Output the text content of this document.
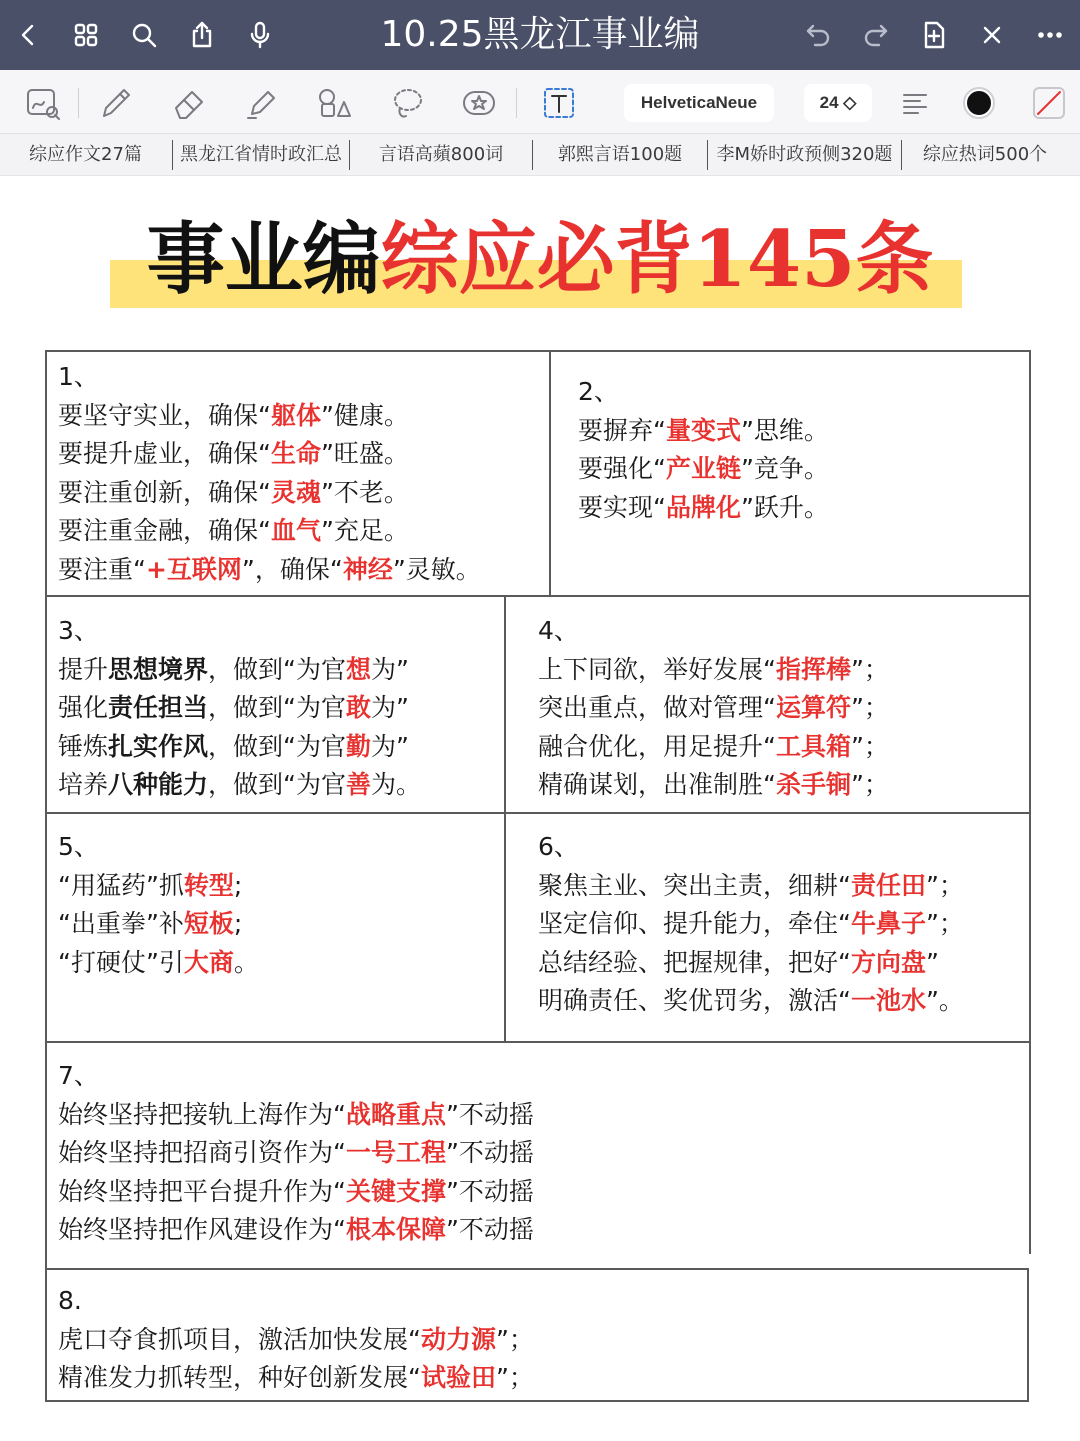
10.25黑龙江事业编
HelveticaNeue	24 ◇
综应作文27篇	黑龙江省情时政汇总	言语高蘋800词	郭熙言语100题	李M娇时政预侧320题	综应热词500个
事业编综应必背145条
1、
要坚守实业，确保“躯体”健康。
要提升虚业，确保“生命”旺盛。
要注重创新，确保“灵魂”不老。
要注重金融，确保“血气”充足。
要注重“+互联网”，确保“神经”灵敏。
2、
要摒弃“量变式”思维。
要强化“产业链”竞争。
要实现“品牌化”跃升。
3、
提升思想境界，做到“为官想为”
强化责任担当，做到“为官敢为”
锤炼扎实作风，做到“为官勤为”
培养八种能力，做到“为官善为。
4、
上下同欲，举好发展“指挥棒”；
突出重点，做对管理“运算符”；
融合优化，用足提升“工具箱”；
精确谋划，出准制胜“杀手锏”；
5、
“用猛药”抓转型;
“出重拳”补短板;
“打硬仗”引大商。
6、
聚焦主业、突出主责，细耕“责任田”；
坚定信仰、提升能力，牵住“牛鼻子”；
总结经验、把握规律，把好“方向盘”
明确责任、奖优罚劣，激活“一池水”。
7、
始终坚持把接轨上海作为“战略重点”不动摇
始终坚持把招商引资作为“一号工程”不动摇
始终坚持把平台提升作为“关键支撑”不动摇
始终坚持把作风建设作为“根本保障”不动摇
8.
虎口夺食抓项目，激活加快发展“动力源”；
精准发力抓转型，种好创新发展“试验田”；
